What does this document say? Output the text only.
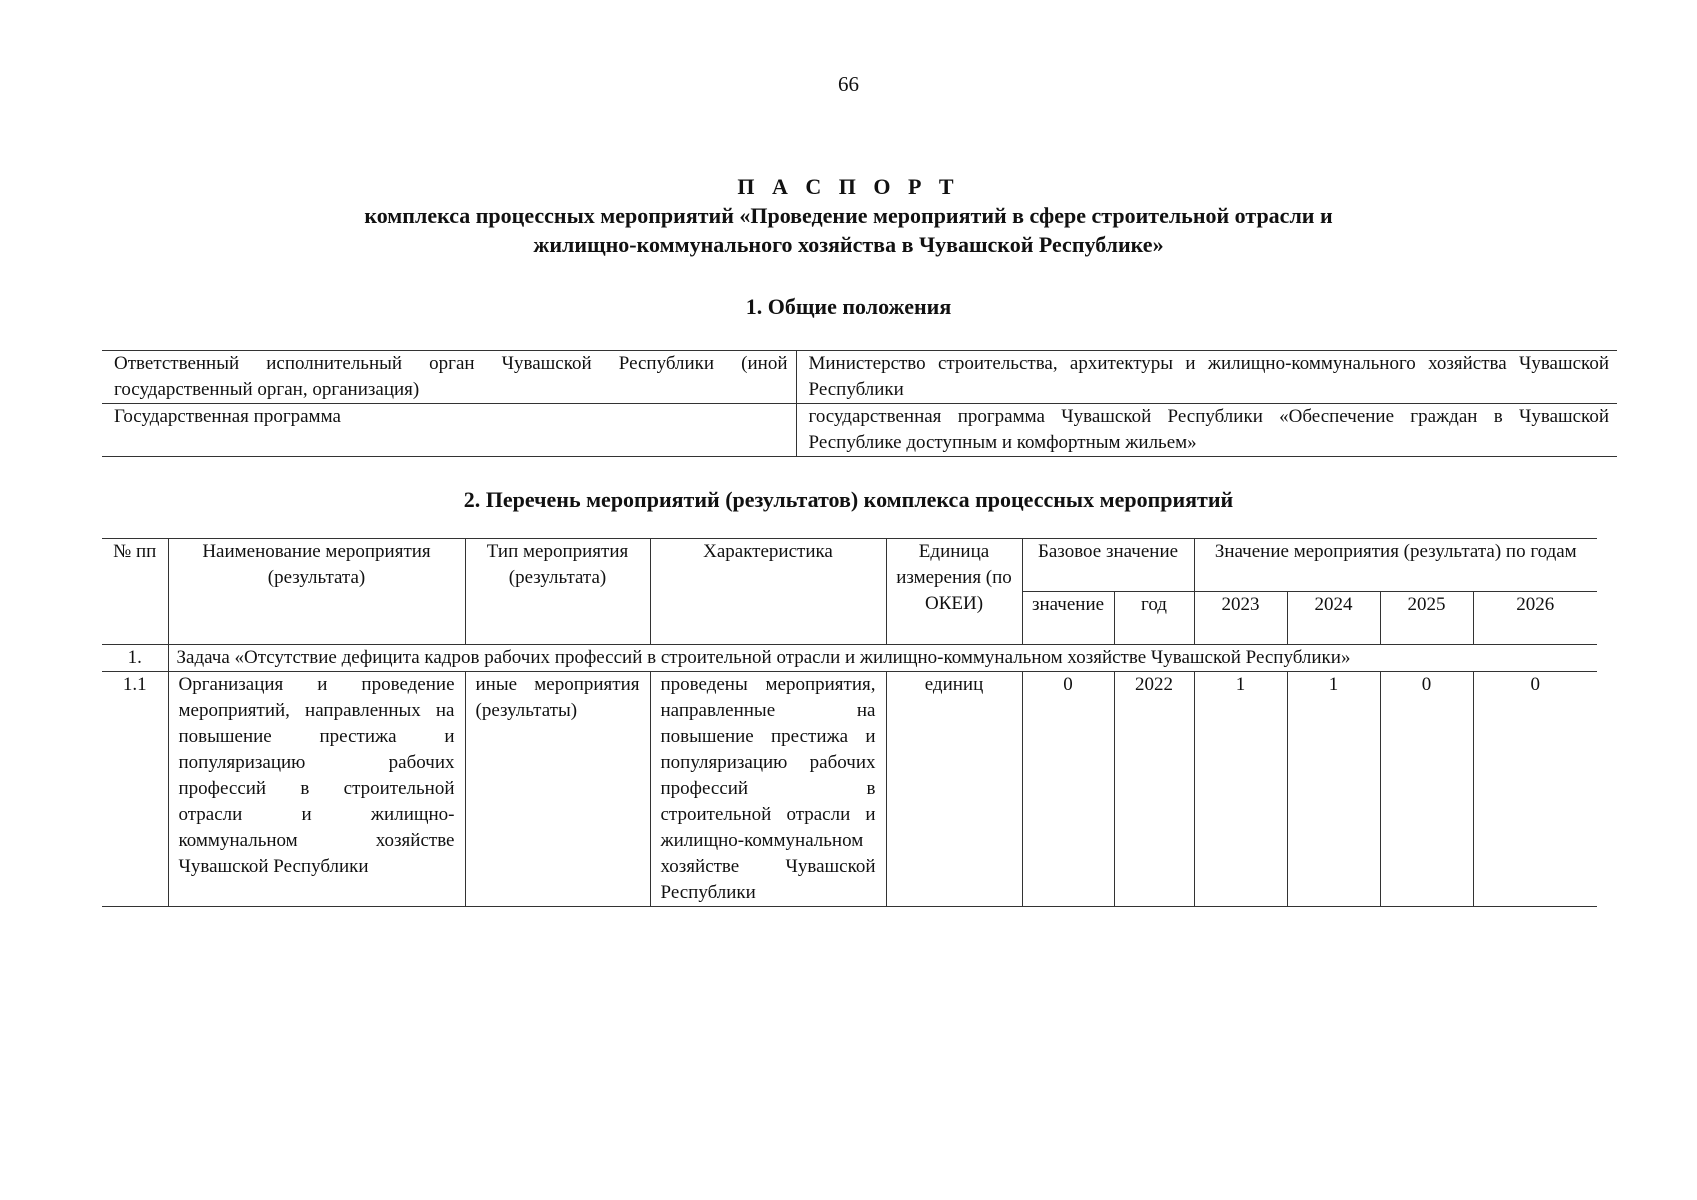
66
П А С П О Р Т
комплекса процессных мероприятий «Проведение мероприятий в сфере строительной отрасли и
жилищно-коммунального хозяйства в Чувашской Республике»
1. Общие положения
Ответственный исполнительный орган Чувашской Республики (иной государственный орган, организация)	Министерство строительства, архитектуры и жилищно-коммунального хозяйства Чувашской Республики
Государственная программа	государственная программа Чувашской Республики «Обеспечение граждан в Чувашской Республике доступным и комфортным жильем»
2. Перечень мероприятий (результатов) комплекса процессных мероприятий
№ пп	Наименование мероприятия (результата)	Тип мероприятия (результата)	Характеристика	Единица измерения (по ОКЕИ)	Базовое значение		Значение мероприятия (результата) по годам			
					значение	год	2023	2024	2025	2026
1.	Задача «Отсутствие дефицита кадров рабочих профессий в строительной отрасли и жилищно-коммунальном хозяйстве Чувашской Республики»									
1.1	Организация и проведение мероприятий, направленных на повышение престижа и популяризацию рабочих профессий в строительной отрасли и жилищно-коммунальном хозяйстве Чувашской Республики	иные мероприятия (результаты)	проведены мероприятия, направленные на повышение престижа и популяризацию рабочих профессий в строительной отрасли и жилищно-коммунальном хозяйстве Чувашской Республики	единиц	0	2022	1	1	0	0
